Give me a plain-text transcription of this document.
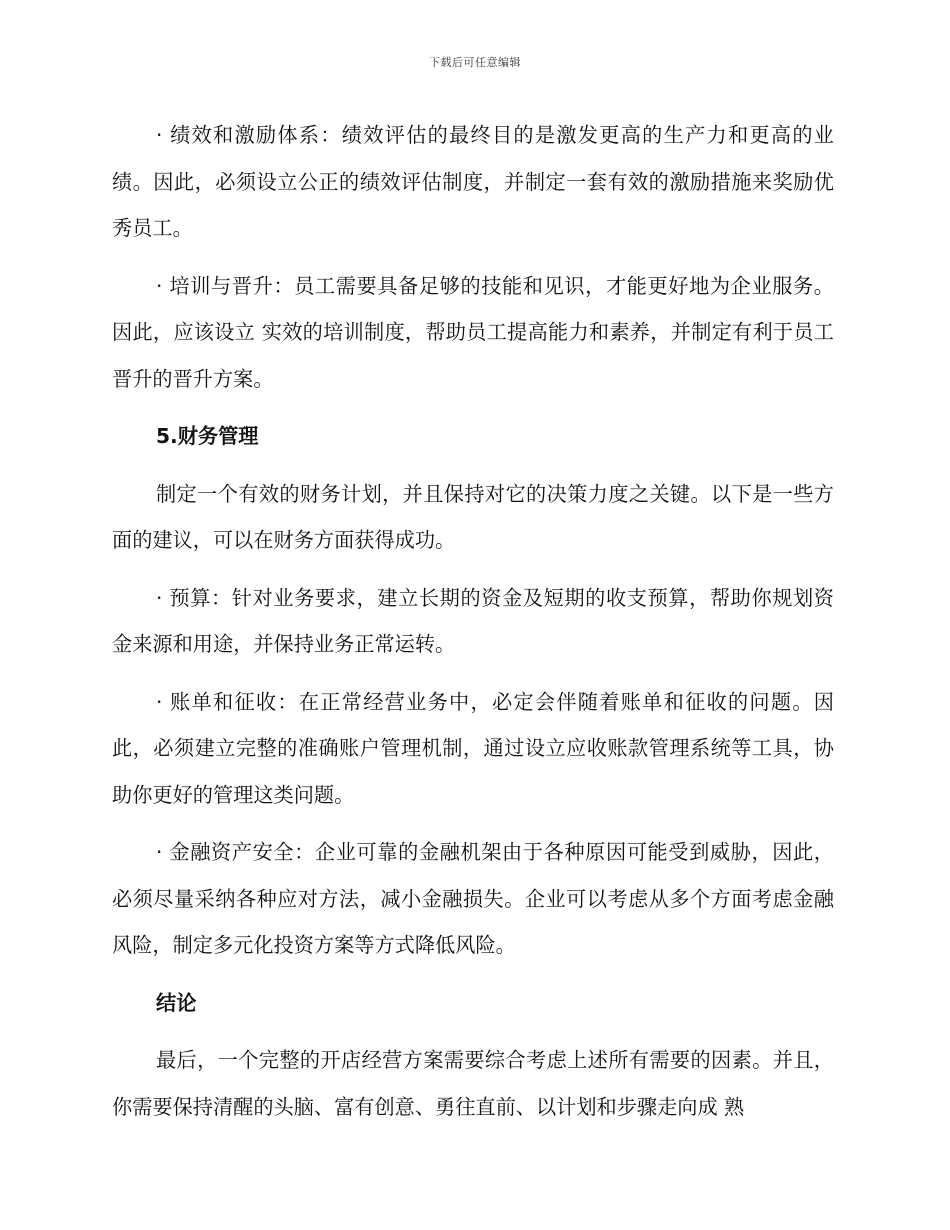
下载后可任意编辑

· 绩效和激励体系：绩效评估的最终目的是激发更高的生产力和更高的业绩。因此，必须设立公正的绩效评估制度，并制定一套有效的激励措施来奖励优秀员工。

· 培训与晋升：员工需要具备足够的技能和见识，才能更好地为企业服务。因此，应该设立 实效的培训制度，帮助员工提高能力和素养，并制定有利于员工晋升的晋升方案。

5.财务管理

制定一个有效的财务计划，并且保持对它的决策力度之关键。以下是一些方面的建议，可以在财务方面获得成功。

· 预算：针对业务要求，建立长期的资金及短期的收支预算，帮助你规划资金来源和用途，并保持业务正常运转。

· 账单和征收：在正常经营业务中，必定会伴随着账单和征收的问题。因此，必须建立完整的准确账户管理机制，通过设立应收账款管理系统等工具，协助你更好的管理这类问题。

· 金融资产安全：企业可靠的金融机架由于各种原因可能受到威胁，因此，必须尽量采纳各种应对方法，减小金融损失。企业可以考虑从多个方面考虑金融风险，制定多元化投资方案等方式降低风险。

结论

最后，一个完整的开店经营方案需要综合考虑上述所有需要的因素。并且，你需要保持清醒的头脑、富有创意、勇往直前、以计划和步骤走向成 熟
